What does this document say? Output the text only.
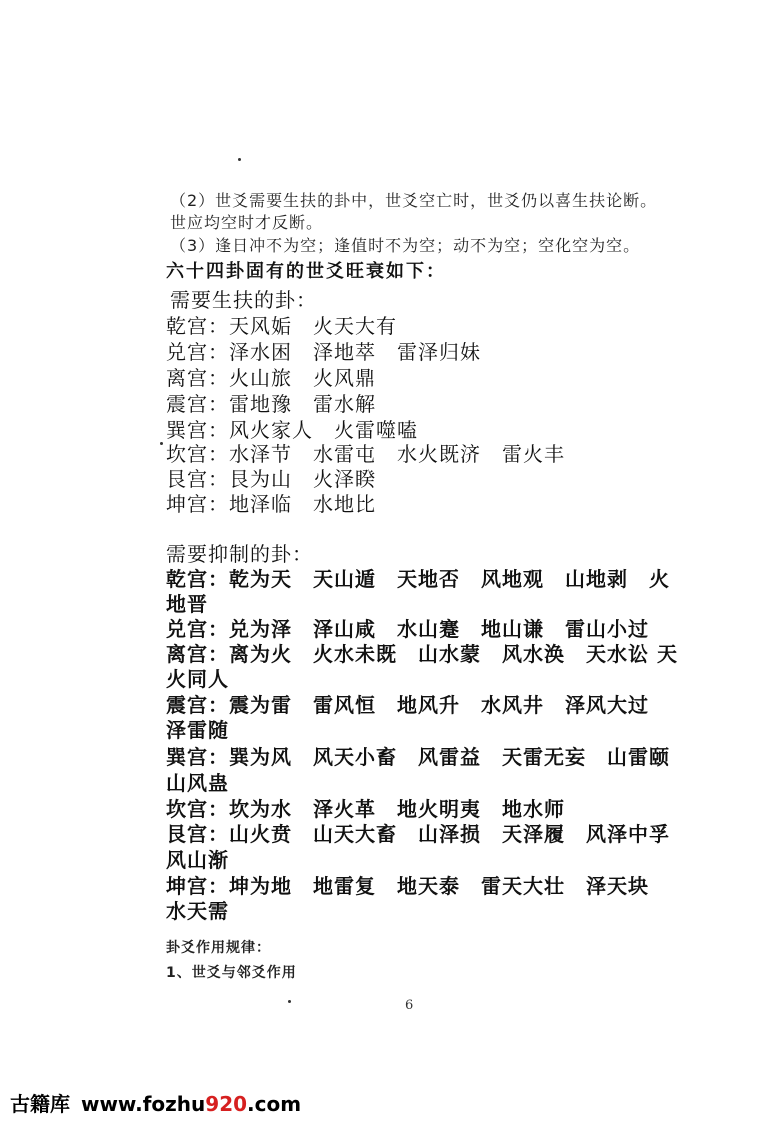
（2）世爻需要生扶的卦中，世爻空亡时，世爻仍以喜生扶论断。
世应均空时才反断。
（3）逢日冲不为空；逢值时不为空；动不为空；空化空为空。
六十四卦固有的世爻旺衰如下：
需要生扶的卦：
乾宫：天风姤　火天大有
兑宫：泽水困　泽地萃　雷泽归妹
离宫：火山旅　火风鼎
震宫：雷地豫　雷水解
巽宫：风火家人　火雷噬嗑
坎宫：水泽节　水雷屯　水火既济　雷火丰
艮宫：艮为山　火泽睽
坤宫：地泽临　水地比
需要抑制的卦：
乾宫：乾为天　天山遁　天地否　风地观　山地剥　火
地晋
兑宫：兑为泽　泽山咸　水山蹇　地山谦　雷山小过
离宫：离为火　火水未既　山水蒙　风水涣　天水讼 天
火同人
震宫：震为雷　雷风恒　地风升　水风井　泽风大过
泽雷随
巽宫：巽为风　风天小畜　风雷益　天雷无妄　山雷颐
山风蛊
坎宫：坎为水　泽火革　地火明夷　地水师
艮宫：山火贲　山天大畜　山泽损　天泽履　风泽中孚
风山渐
坤宫：坤为地　地雷复　地天泰　雷天大壮　泽天块
水天需
卦爻作用规律：
1、世爻与邻爻作用
6
古籍库 www.fozhu920.com
